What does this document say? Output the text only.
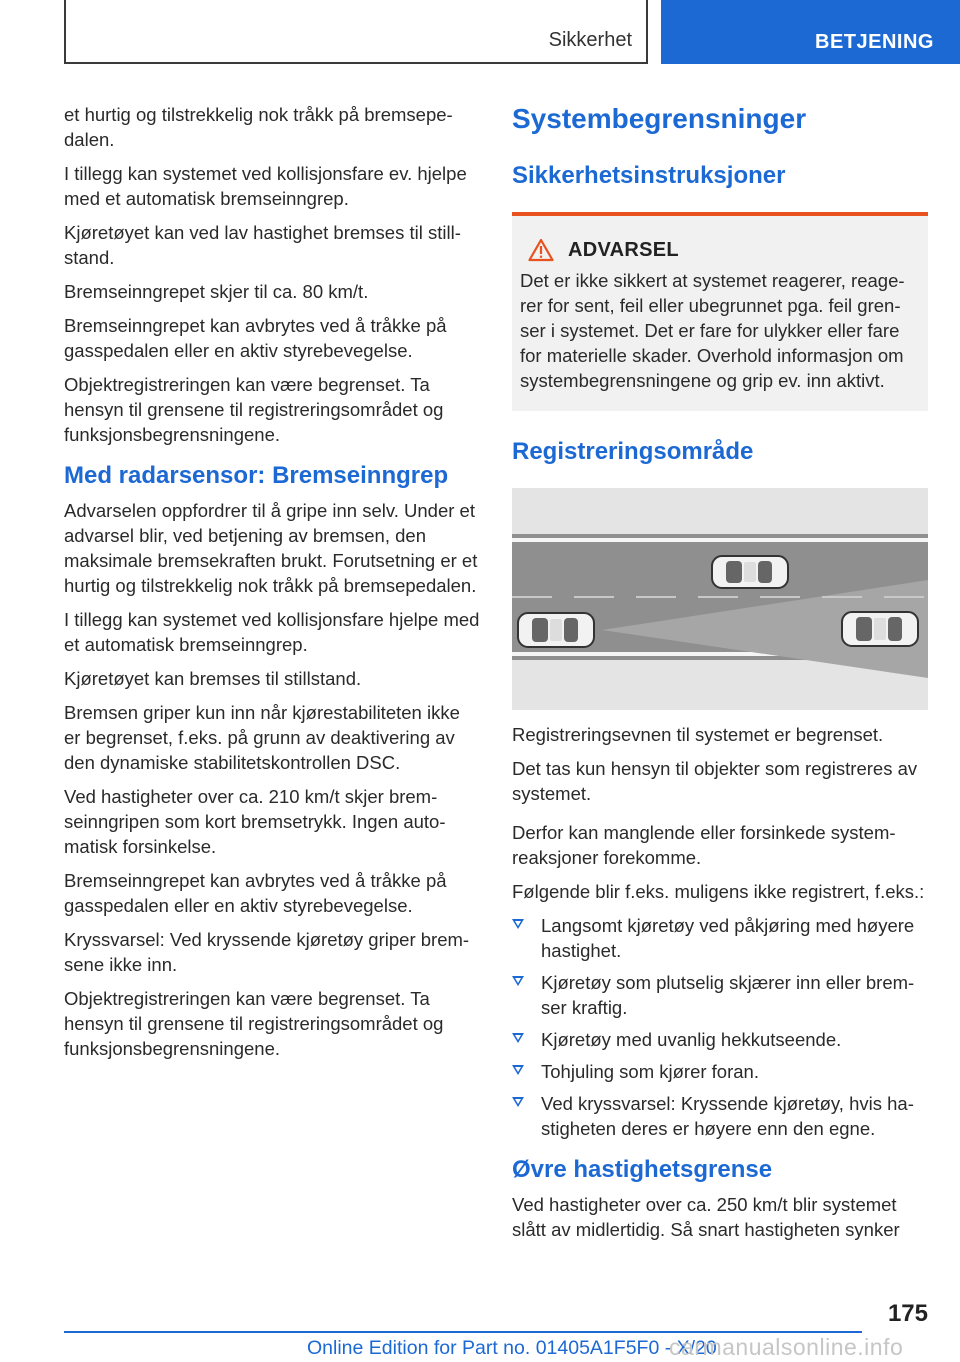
Sikkerhet	BETJENING

et hurtig og tilstrekkelig nok tråkk på bremsepedalen.

I tillegg kan systemet ved kollisjonsfare ev. hjelpe med et automatisk bremseinngrep.

Kjøretøyet kan ved lav hastighet bremses til stillstand.

Bremseinngrepet skjer til ca. 80 km/t.

Bremseinngrepet kan avbrytes ved å tråkke på gasspedalen eller en aktiv styrebevegelse.

Objektregistreringen kan være begrenset. Ta hensyn til grensene til registreringsområdet og funksjonsbegrensningene.

Med radarsensor: Bremseinngrep

Advarselen oppfordrer til å gripe inn selv. Under et advarsel blir, ved betjening av bremsen, den maksimale bremsekraften brukt. Forutsetning er et hurtig og tilstrekkelig nok tråkk på bremsepedalen.

I tillegg kan systemet ved kollisjonsfare hjelpe med et automatisk bremseinngrep.

Kjøretøyet kan bremses til stillstand.

Bremsen griper kun inn når kjørestabiliteten ikke er begrenset, f.eks. på grunn av deaktivering av den dynamiske stabilitetskontrollen DSC.

Ved hastigheter over ca. 210 km/t skjer bremseinngripen som kort bremsetrykk. Ingen automatisk forsinkelse.

Bremseinngrepet kan avbrytes ved å tråkke på gasspedalen eller en aktiv styrebevegelse.

Kryssvarsel: Ved kryssende kjøretøy griper bremsene ikke inn.

Objektregistreringen kan være begrenset. Ta hensyn til grensene til registreringsområdet og funksjonsbegrensningene.

Systembegrensninger
Sikkerhetsinstruksjoner
ADVARSEL

Det er ikke sikkert at systemet reagerer, reagerer for sent, feil eller ubegrunnet pga. feil grenser i systemet. Det er fare for ulykker eller fare for materielle skader. Overhold informasjon om systembegrensningene og grip ev. inn aktivt.

Registreringsområde

Registreringsevnen til systemet er begrenset.

Det tas kun hensyn til objekter som registreres av systemet.

Derfor kan manglende eller forsinkede systemreaksjoner forekomme.

Følgende blir f.eks. muligens ikke registrert, f.eks.:

Langsomt kjøretøy ved påkjøring med høyere hastighet.
Kjøretøy som plutselig skjærer inn eller bremser kraftig.
Kjøretøy med uvanlig hekkutseende.
Tohjuling som kjører foran.
Ved kryssvarsel: Kryssende kjøretøy, hvis hastigheten deres er høyere enn den egne.
Øvre hastighetsgrense

Ved hastigheter over ca. 250 km/t blir systemet slått av midlertidig. Så snart hastigheten synker

175
Online Edition for Part no. 01405A1F5F0 - X/20
carmanualsonline.info
